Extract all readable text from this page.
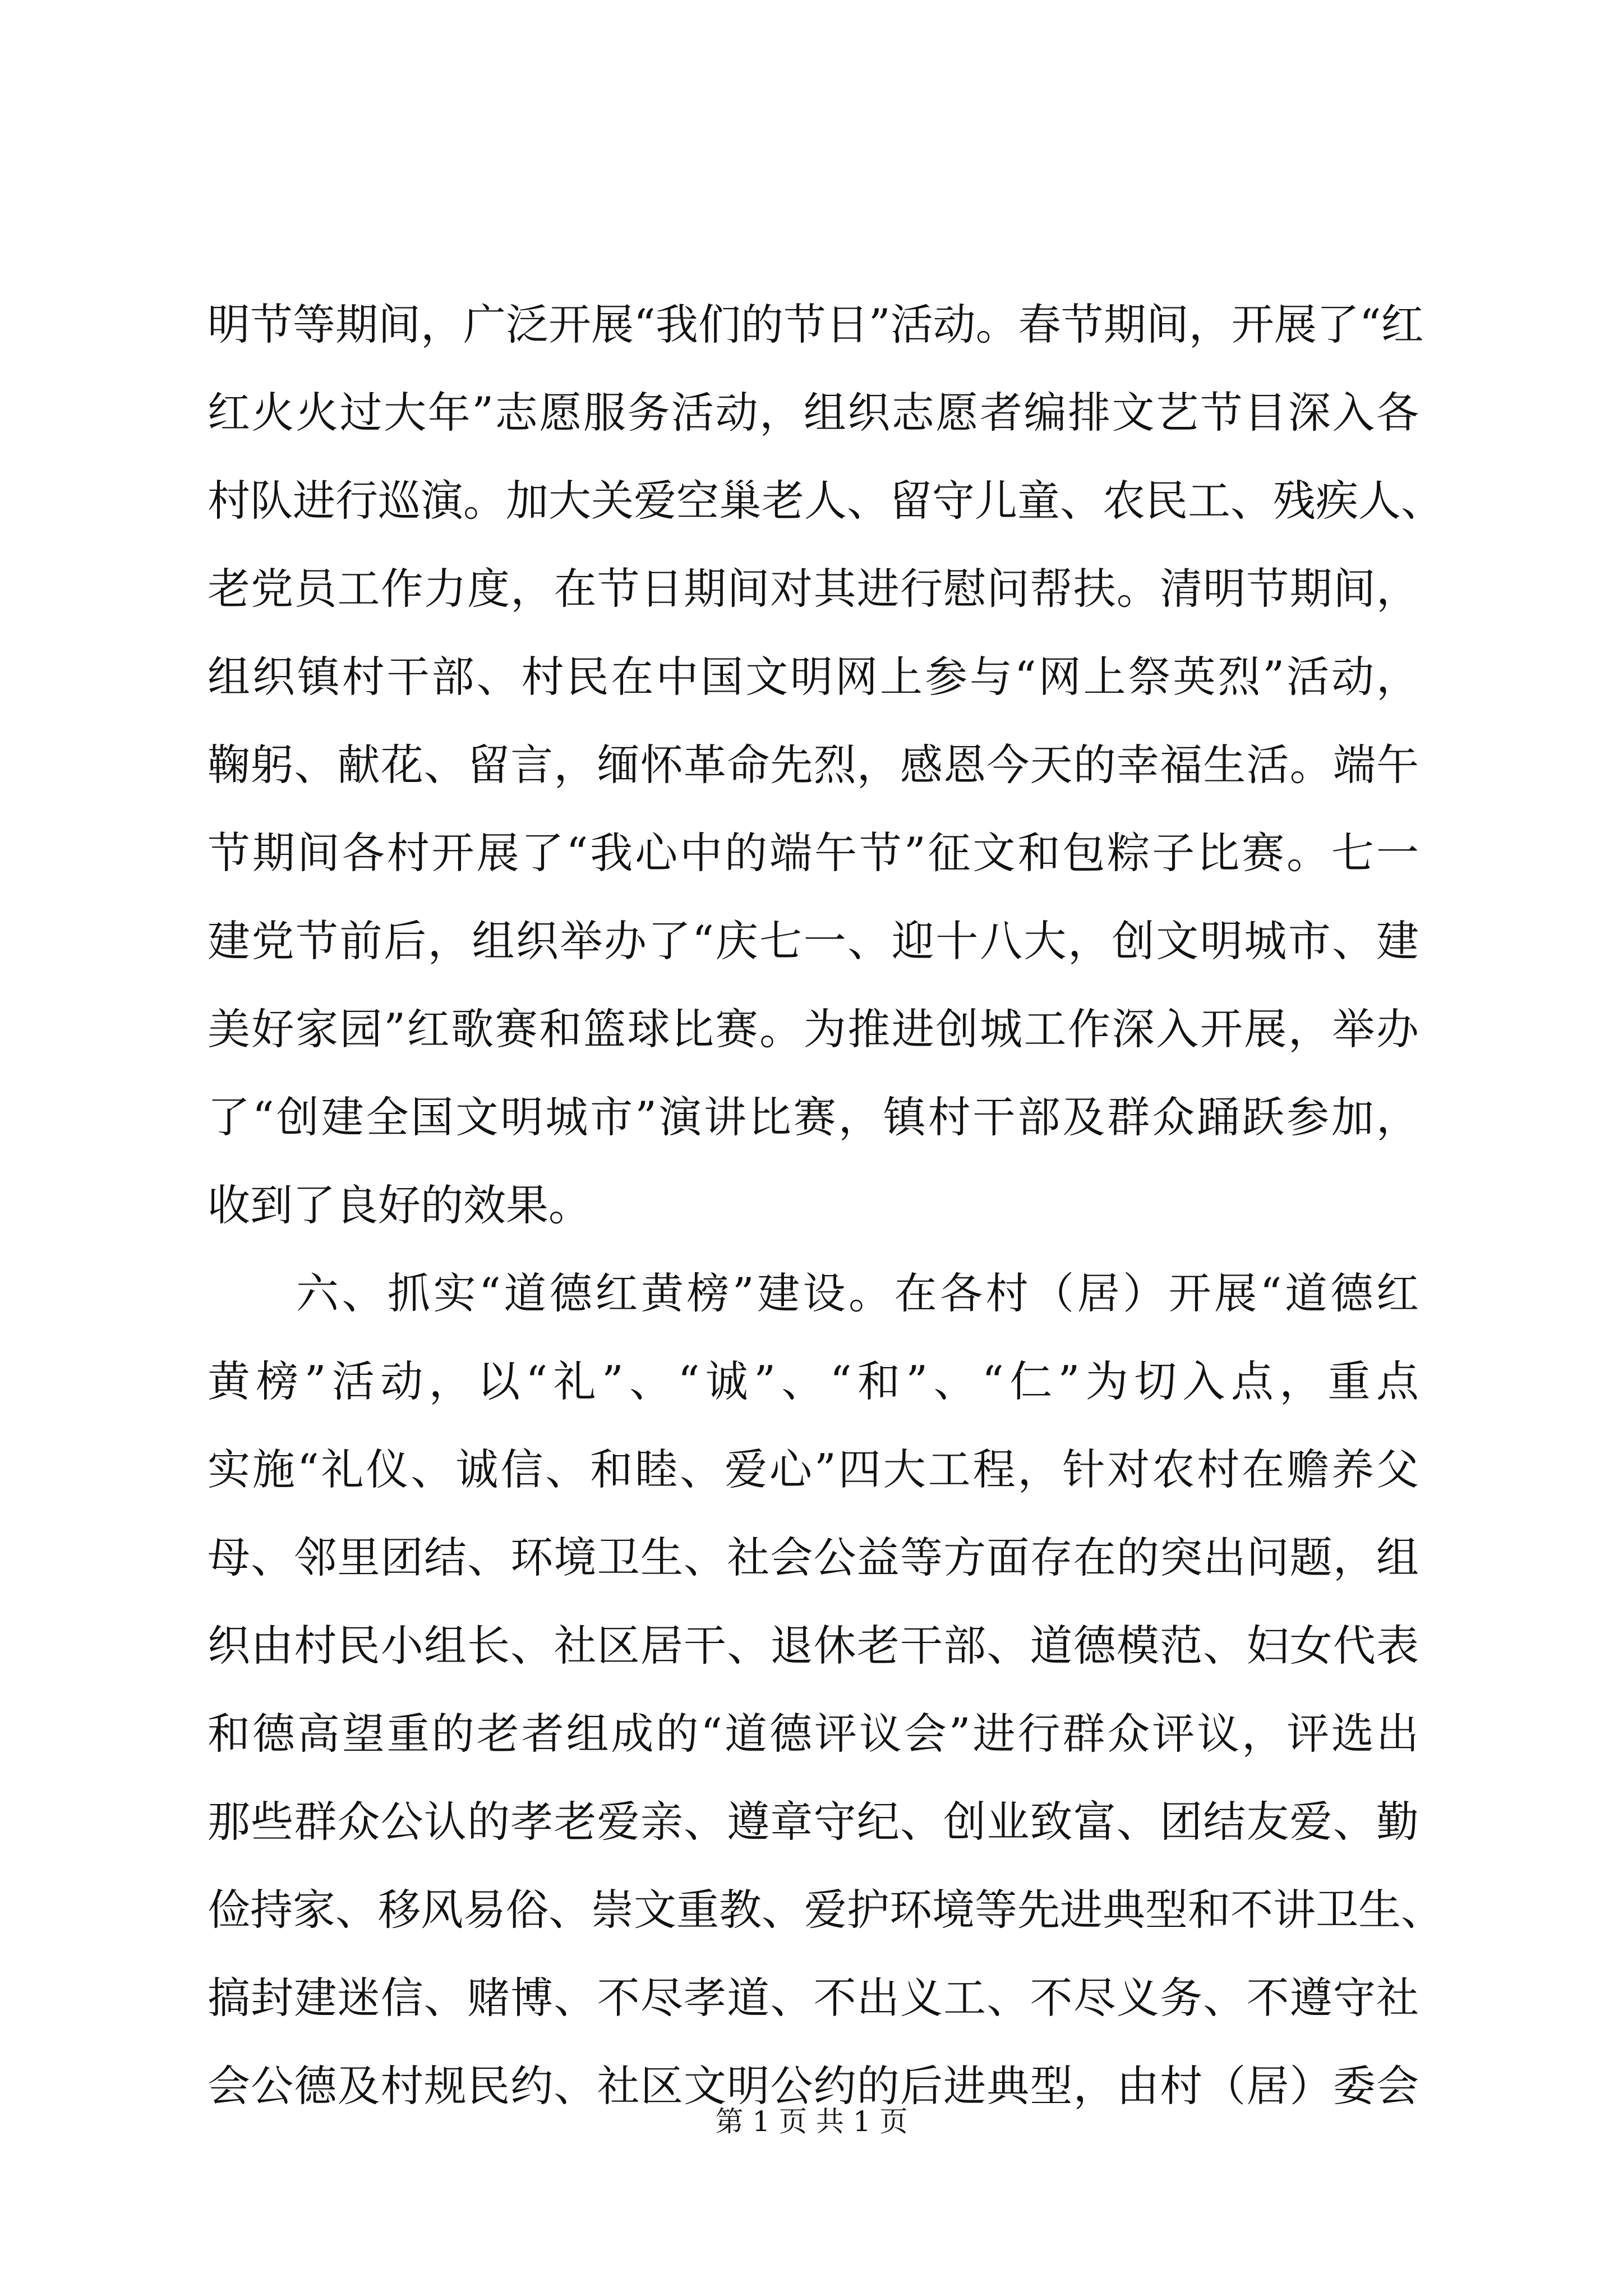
明节等期间，广泛开展“我们的节日”活动。春节期间，开展了“红
红火火过大年”志愿服务活动，组织志愿者编排文艺节目深入各
村队进行巡演。加大关爱空巢老人、留守儿童、农民工、残疾人、
老党员工作力度，在节日期间对其进行慰问帮扶。清明节期间，
组织镇村干部、村民在中国文明网上参与“网上祭英烈”活动，
鞠躬、献花、留言，缅怀革命先烈，感恩今天的幸福生活。端午
节期间各村开展了“我心中的端午节”征文和包粽子比赛。七一
建党节前后，组织举办了“庆七一、迎十八大，创文明城市、建
美好家园”红歌赛和篮球比赛。为推进创城工作深入开展，举办
了“创建全国文明城市”演讲比赛，镇村干部及群众踊跃参加，
收到了良好的效果。
六、抓实“道德红黄榜”建设。在各村（居）开展“道德红
黄榜”活动，以“礼”、“诚”、“和”、“仁”为切入点，重点
实施“礼仪、诚信、和睦、爱心”四大工程，针对农村在赡养父
母、邻里团结、环境卫生、社会公益等方面存在的突出问题，组
织由村民小组长、社区居干、退休老干部、道德模范、妇女代表
和德高望重的老者组成的“道德评议会”进行群众评议，评选出
那些群众公认的孝老爱亲、遵章守纪、创业致富、团结友爱、勤
俭持家、移风易俗、崇文重教、爱护环境等先进典型和不讲卫生、
搞封建迷信、赌博、不尽孝道、不出义工、不尽义务、不遵守社
会公德及村规民约、社区文明公约的后进典型，由村（居）委会
第 1 页 共 1 页
